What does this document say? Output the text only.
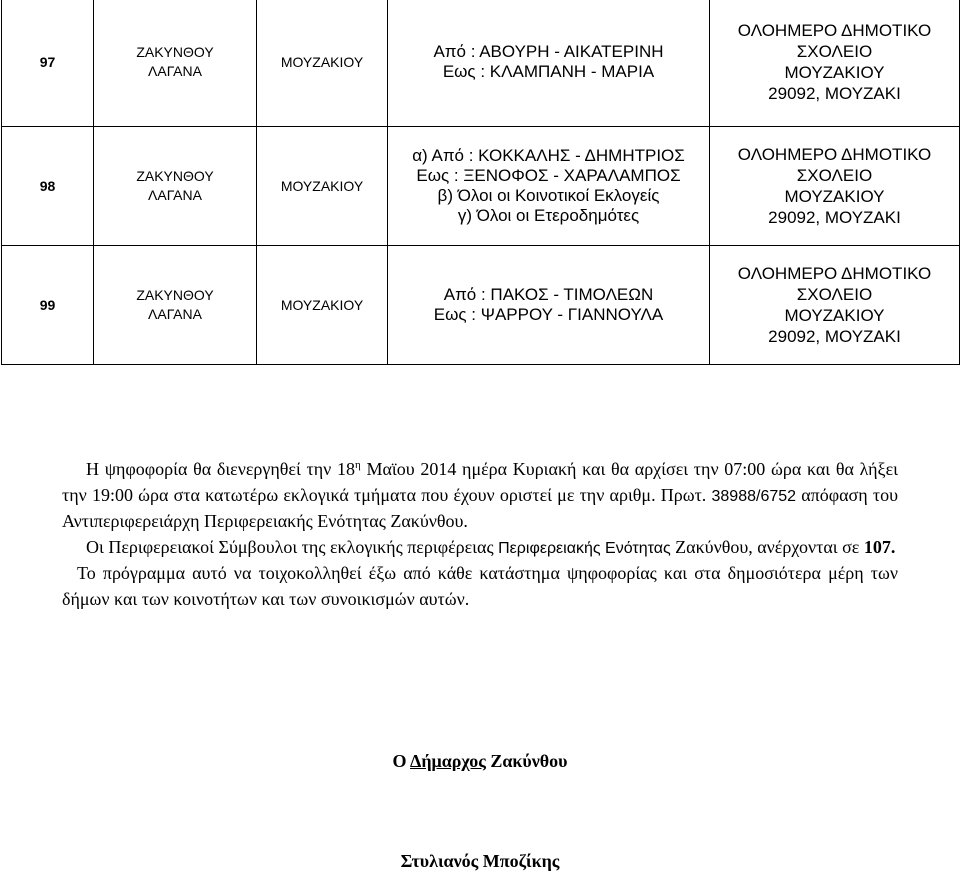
97	ΖΑΚΥΝΘΟΥ
ΛΑΓΑΝΑ	ΜΟΥΖΑΚΙΟΥ	Από : ΑΒΟΥΡΗ - ΑΙΚΑΤΕΡΙΝΗ
Εως : ΚΛΑΜΠΑΝΗ - ΜΑΡΙΑ	ΟΛΟΗΜΕΡΟ ΔΗΜΟΤΙΚΟ
ΣΧΟΛΕΙΟ
ΜΟΥΖΑΚΙΟΥ
29092, ΜΟΥΖΑΚΙ

98	ΖΑΚΥΝΘΟΥ
ΛΑΓΑΝΑ	ΜΟΥΖΑΚΙΟΥ	α) Από : ΚΟΚΚΑΛΗΣ - ΔΗΜΗΤΡΙΟΣ
Εως : ΞΕΝΟΦΟΣ - ΧΑΡΑΛΑΜΠΟΣ
β) Όλοι οι Κοινοτικοί Εκλογείς
γ) Όλοι οι Ετεροδημότες	ΟΛΟΗΜΕΡΟ ΔΗΜΟΤΙΚΟ
ΣΧΟΛΕΙΟ
ΜΟΥΖΑΚΙΟΥ
29092, ΜΟΥΖΑΚΙ

99	ΖΑΚΥΝΘΟΥ
ΛΑΓΑΝΑ	ΜΟΥΖΑΚΙΟΥ	Από : ΠΑΚΟΣ - ΤΙΜΟΛΕΩΝ
Εως : ΨΑΡΡΟΥ - ΓΙΑΝΝΟΥΛΑ	ΟΛΟΗΜΕΡΟ ΔΗΜΟΤΙΚΟ
ΣΧΟΛΕΙΟ
ΜΟΥΖΑΚΙΟΥ
29092, ΜΟΥΖΑΚΙ

Η ψηφοφορία θα διενεργηθεί την $18^\eta$ Μαϊου 2014 ημέρα Κυριακή και θα αρχίσει την 07:00 ώρα και θα λήξει την 19:00 ώρα στα κατωτέρω εκλογικά τμήματα που έχουν οριστεί με την αριθμ. Πρωτ. 38988/6752 απόφαση του Αντιπεριφερειάρχη Περιφερειακής Ενότητας Ζακύνθου.

Οι Περιφερειακοί Σύμβουλοι της εκλογικής περιφέρειας Περιφερειακής Ενότητας Ζακύνθου, ανέρχονται σε 107.

Το πρόγραμμα αυτό να τοιχοκολληθεί έξω από κάθε κατάστημα ψηφοφορίας και στα δημοσιότερα μέρη των δήμων και των κοινοτήτων και των συνοικισμών αυτών.

Ο Δήμαρχος Ζακύνθου
Στυλιανός Μποζίκης
